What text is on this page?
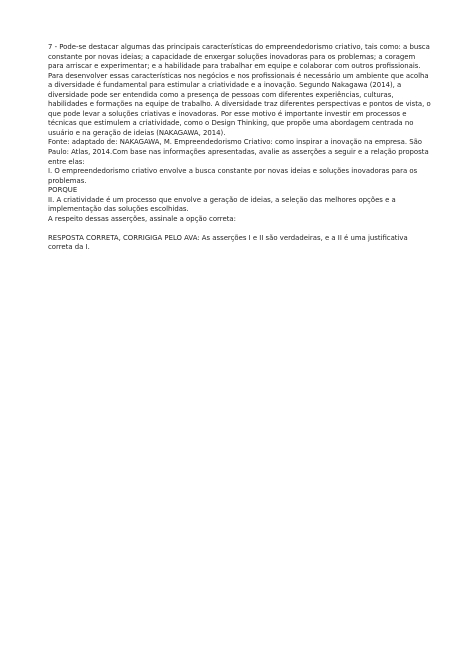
7 - Pode-se destacar algumas das principais características do empreendedorismo criativo, tais como: a busca constante por novas ideias; a capacidade de enxergar soluções inovadoras para os problemas; a coragem para arriscar e experimentar; e a habilidade para trabalhar em equipe e colaborar com outros profissionais. Para desenvolver essas características nos negócios e nos profissionais é necessário um ambiente que acolha a diversidade é fundamental para estimular a criatividade e a inovação. Segundo Nakagawa (2014), a diversidade pode ser entendida como a presença de pessoas com diferentes experiências, culturas, habilidades e formações na equipe de trabalho. A diversidade traz diferentes perspectivas e pontos de vista, o que pode levar a soluções criativas e inovadoras. Por esse motivo é importante investir em processos e técnicas que estimulem a criatividade, como o Design Thinking, que propõe uma abordagem centrada no usuário e na geração de ideias (NAKAGAWA, 2014).

Fonte: adaptado de: NAKAGAWA, M. Empreendedorismo Criativo: como inspirar a inovação na empresa. São Paulo: Atlas, 2014.Com base nas informações apresentadas, avalie as asserções a seguir e a relação proposta entre elas:

I. O empreendedorismo criativo envolve a busca constante por novas ideias e soluções inovadoras para os problemas.

PORQUE

II. A criatividade é um processo que envolve a geração de ideias, a seleção das melhores opções e a implementação das soluções escolhidas.

A respeito dessas asserções, assinale a opção correta:

RESPOSTA CORRETA, CORRIGIGA PELO AVA: As asserções I e II são verdadeiras, e a II é uma justificativa correta da I.
